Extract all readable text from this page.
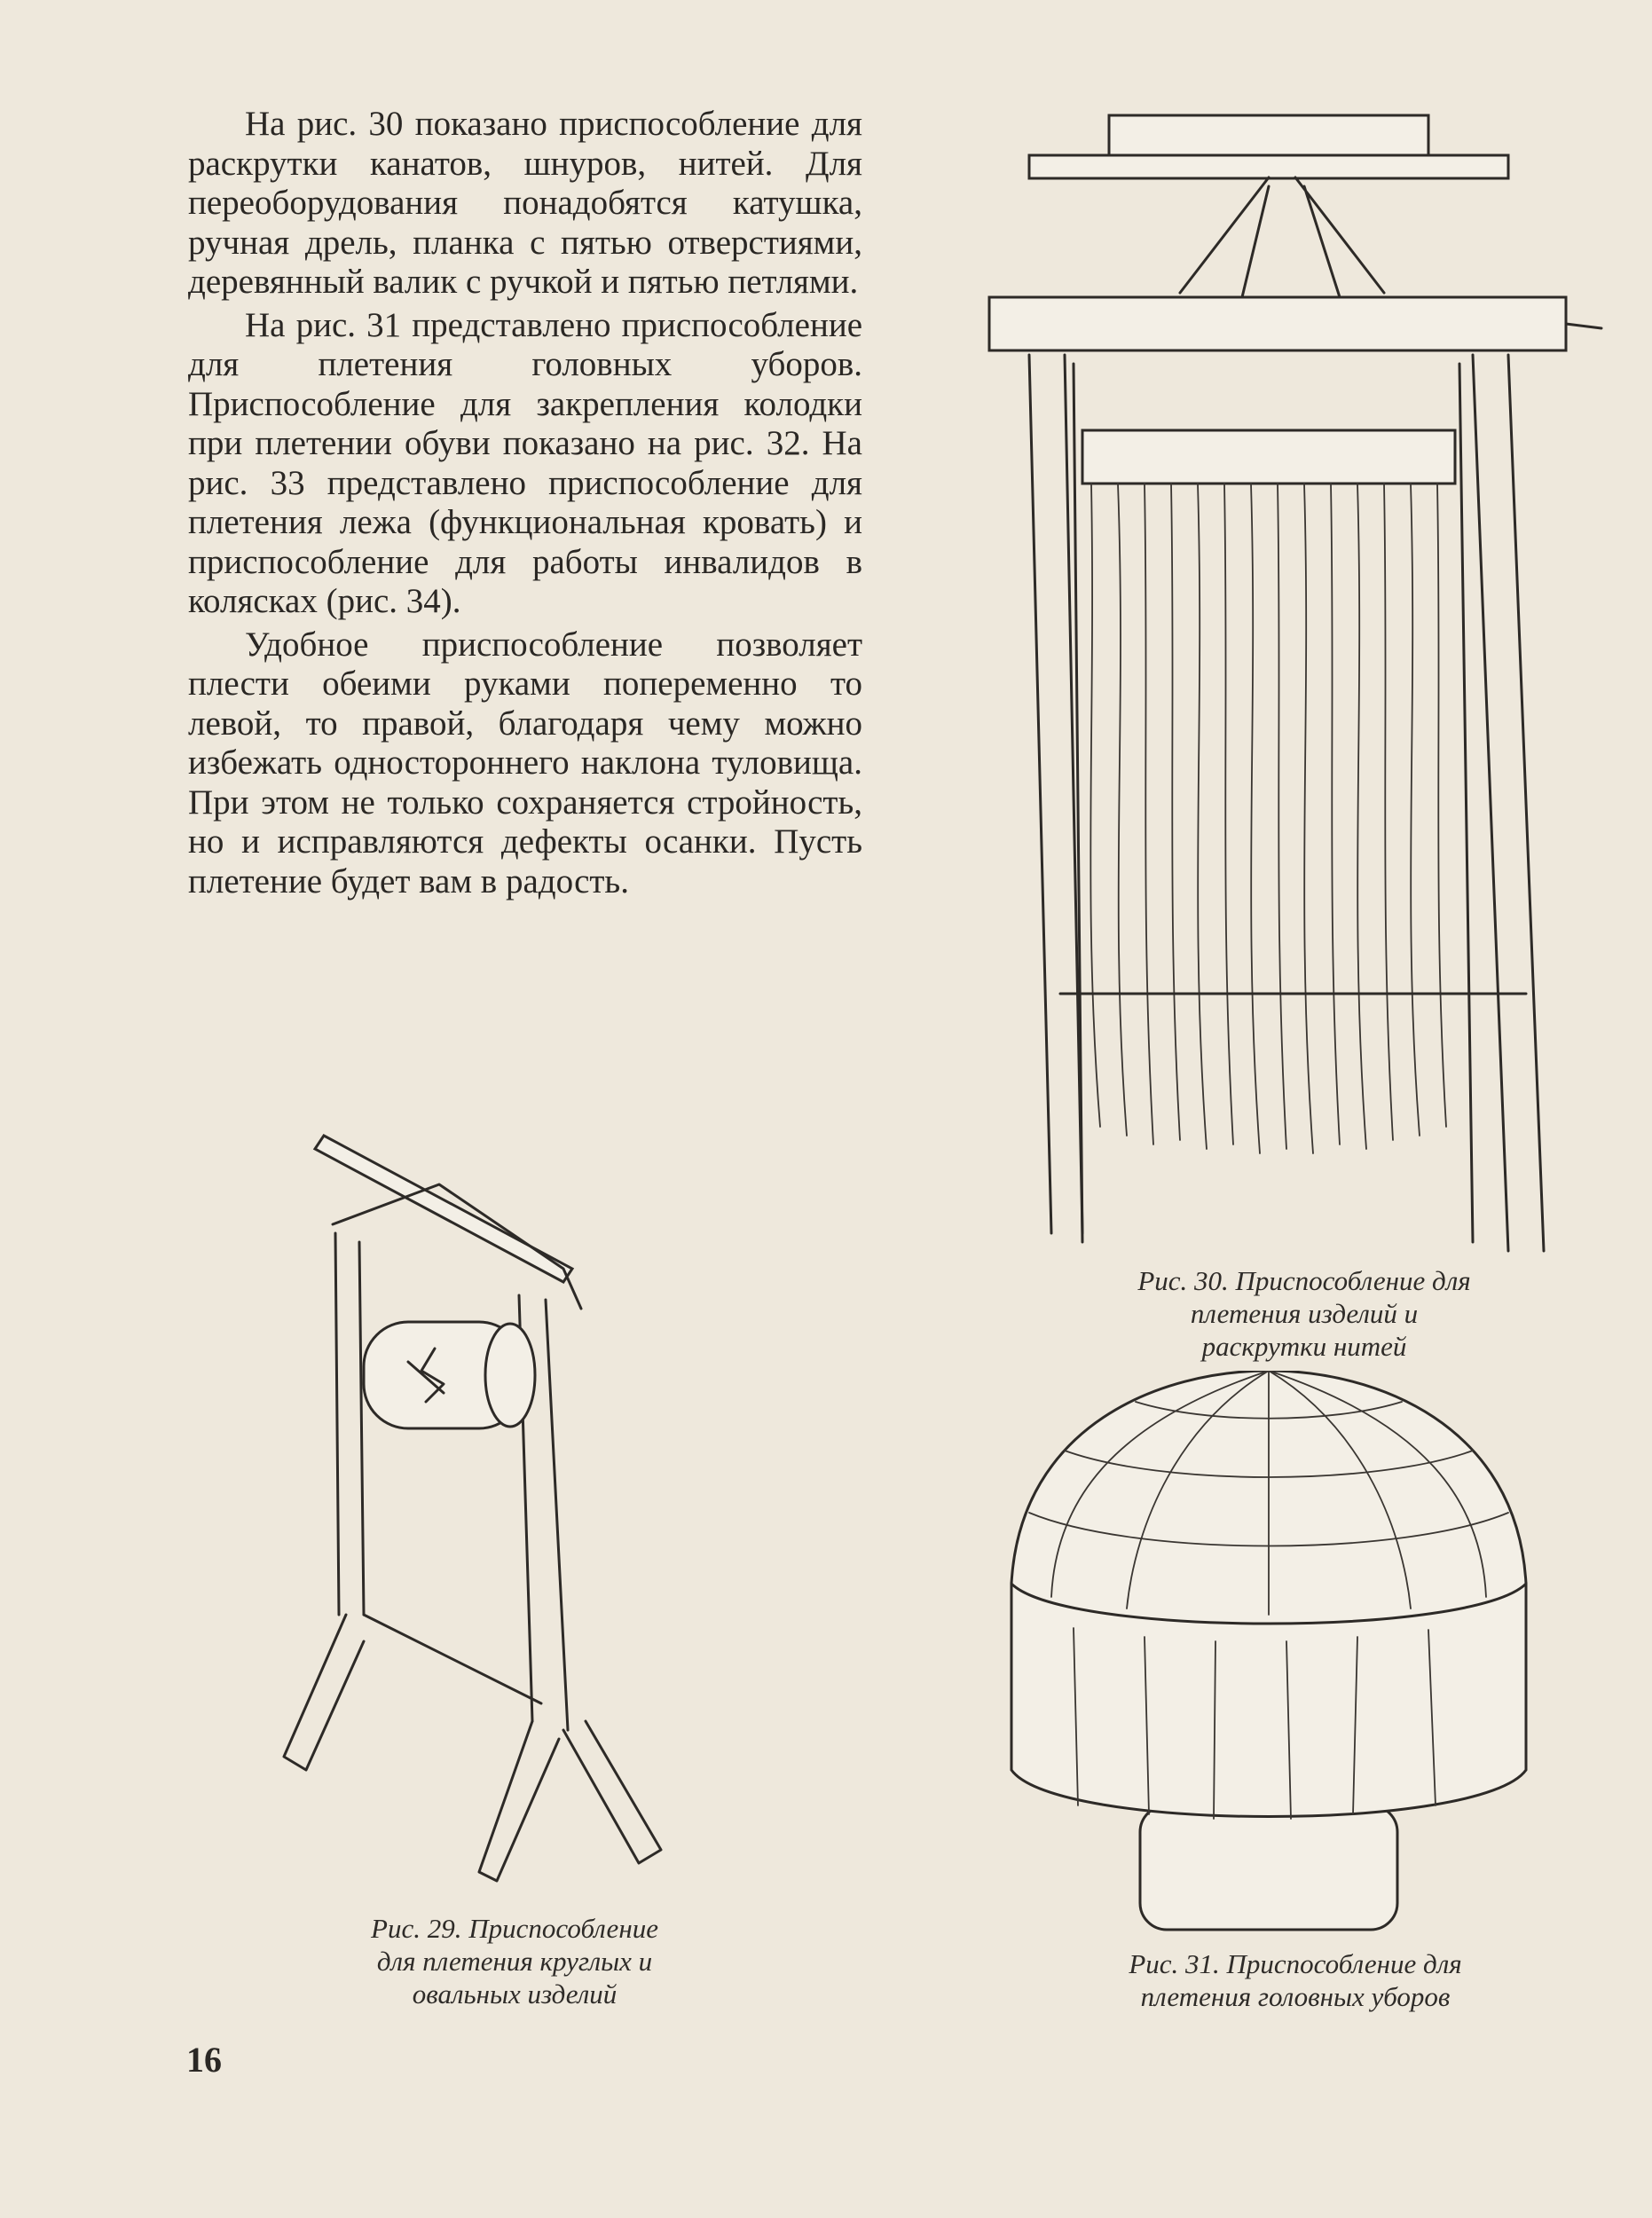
На рис. 30 показано приспособление для раскрутки канатов, шнуров, нитей. Для переоборудования понадобятся катушка, ручная дрель, планка с пятью отверстиями, деревянный валик с ручкой и пятью петлями.

На рис. 31 представлено приспособление для плетения головных уборов. Приспособление для закрепления колодки при плетении обуви показано на рис. 32. На рис. 33 представлено приспособление для плетения лежа (функциональная кровать) и приспособление для работы инвалидов в колясках (рис. 34).

Удобное приспособление позволяет плести обеими руками попеременно то левой, то правой, благодаря чему можно избежать одностороннего наклона туловища. При этом не только сохраняется стройность, но и исправляются дефекты осанки. Пусть плетение будет вам в радость.

Рис. 30. Приспособление для
плетения изделий и
раскрутки нитей
Рис. 29. Приспособление
для плетения круглых и
овальных изделий
Рис. 31. Приспособление для
плетения головных уборов
16
